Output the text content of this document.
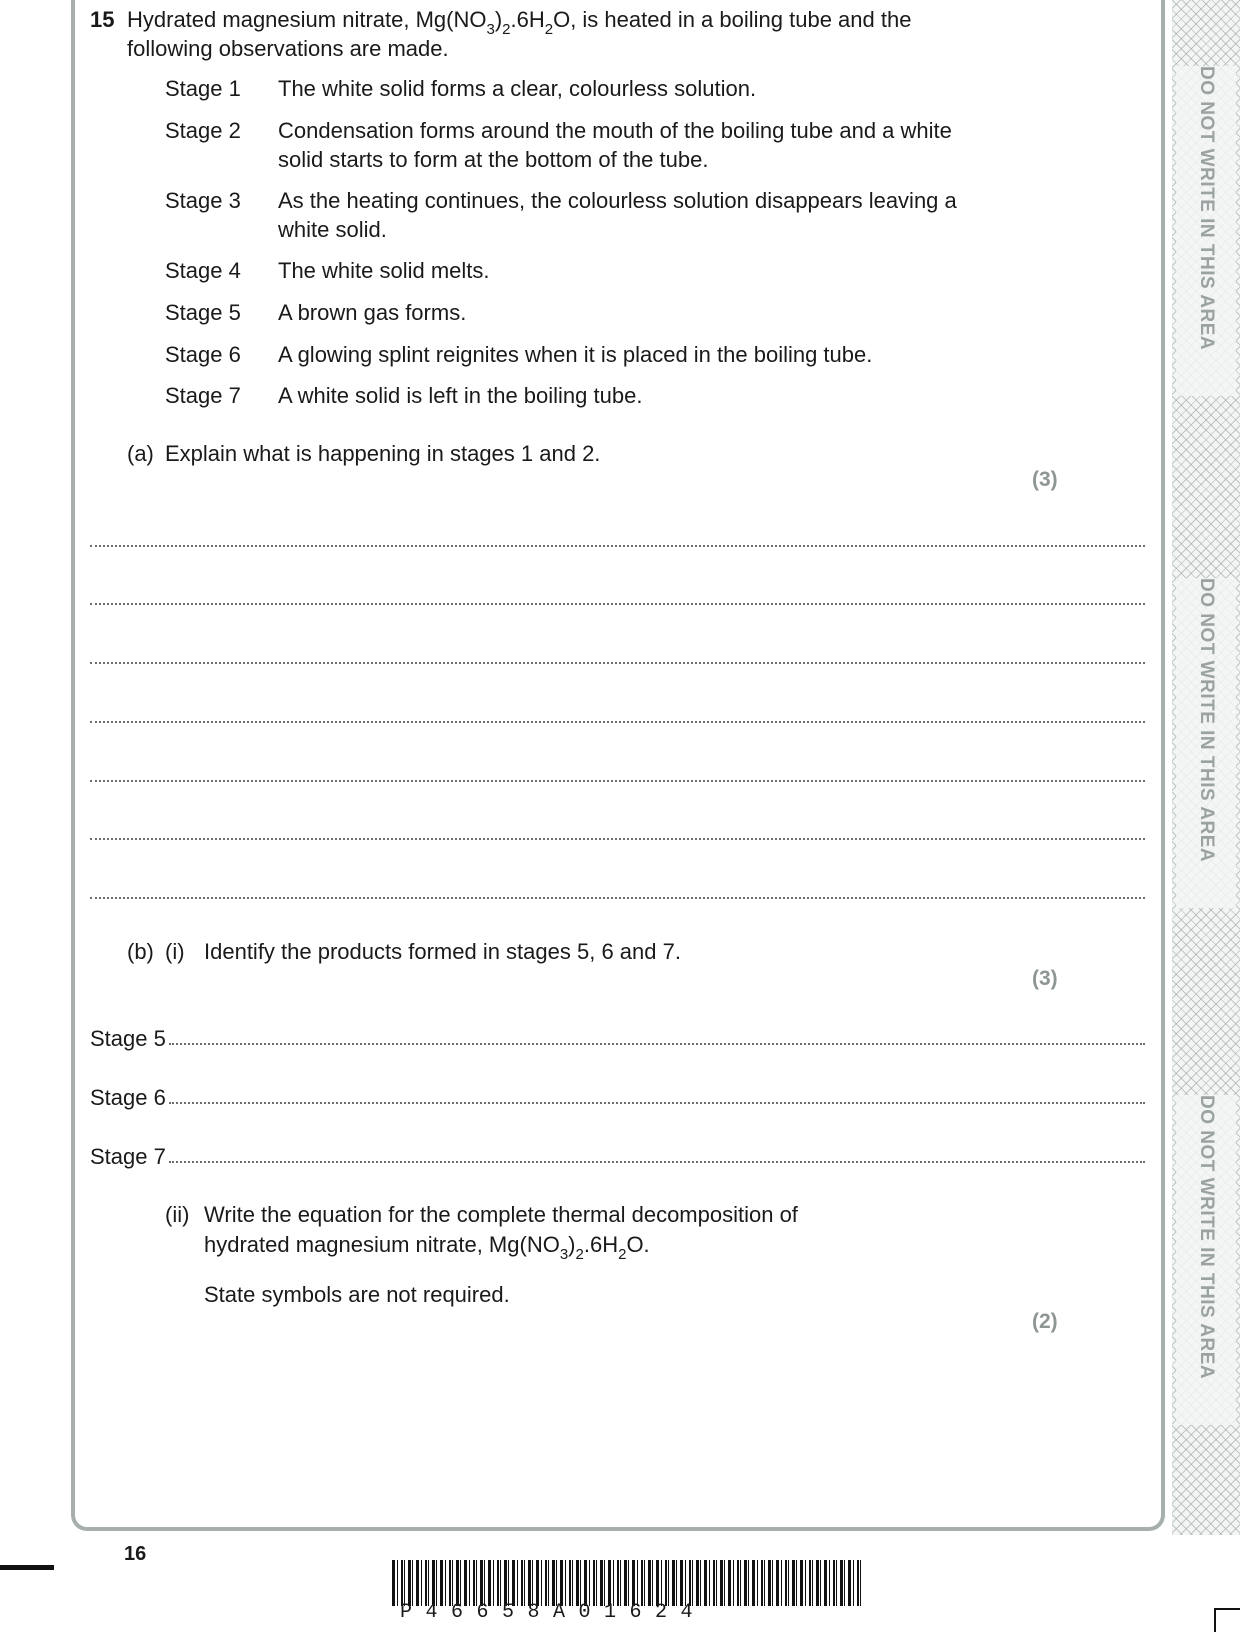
DO NOT WRITE IN THIS AREA
DO NOT WRITE IN THIS AREA
DO NOT WRITE IN THIS AREA
15 Hydrated magnesium nitrate, $Mg(NO_3)_2.6H_2O$, is heated in a boiling tube and the
following observations are made.
Stage 1 The white solid forms a clear, colourless solution.
Stage 2 Condensation forms around the mouth of the boiling tube and a white
solid starts to form at the bottom of the tube.
Stage 3 As the heating continues, the colourless solution disappears leaving a
white solid.
Stage 4 The white solid melts.
Stage 5 A brown gas forms.
Stage 6 A glowing splint reignites when it is placed in the boiling tube.
Stage 7 A white solid is left in the boiling tube.
(a) Explain what is happening in stages 1 and 2.
(3)
(b) (i) Identify the products formed in stages 5, 6 and 7.
(3)
Stage 5
Stage 6
Stage 7
(ii) Write the equation for the complete thermal decomposition of
hydrated magnesium nitrate, $Mg(NO_3)_2.6H_2O$.
State symbols are not required.
(2)
16
P46658A01624
